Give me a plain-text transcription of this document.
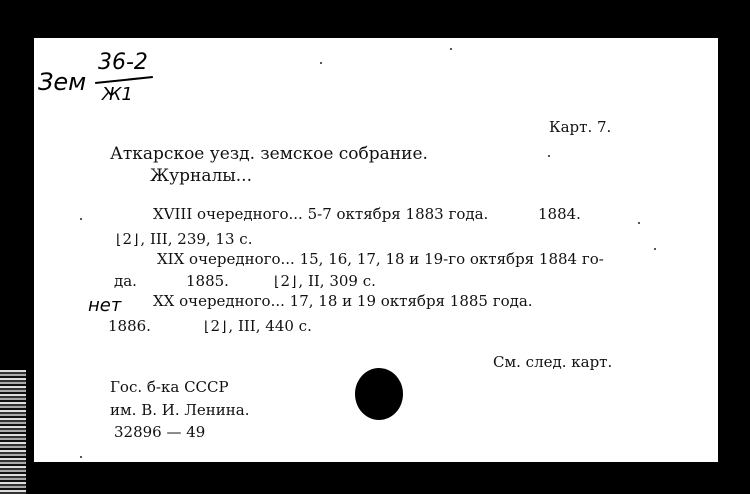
Зем
36-2
Ж1
Карт. 7.
Аткарское уезд. земское собрание.
Журналы...
XVIII очередного... 5-7 октября 1883 года.	1884.
⌊2⌋, III, 239, 13 с.
XIX очередного... 15, 16, 17, 18 и 19-го октября 1884 го-
да.	1885.	⌊2⌋, II, 309 с.
нет XX очередного... 17, 18 и 19 октября 1885 года.
1886.	⌊2⌋, III, 440 с.
См. след. карт.
Гос. б-ка СССР
им. В. И. Ленина.
32896 — 49
